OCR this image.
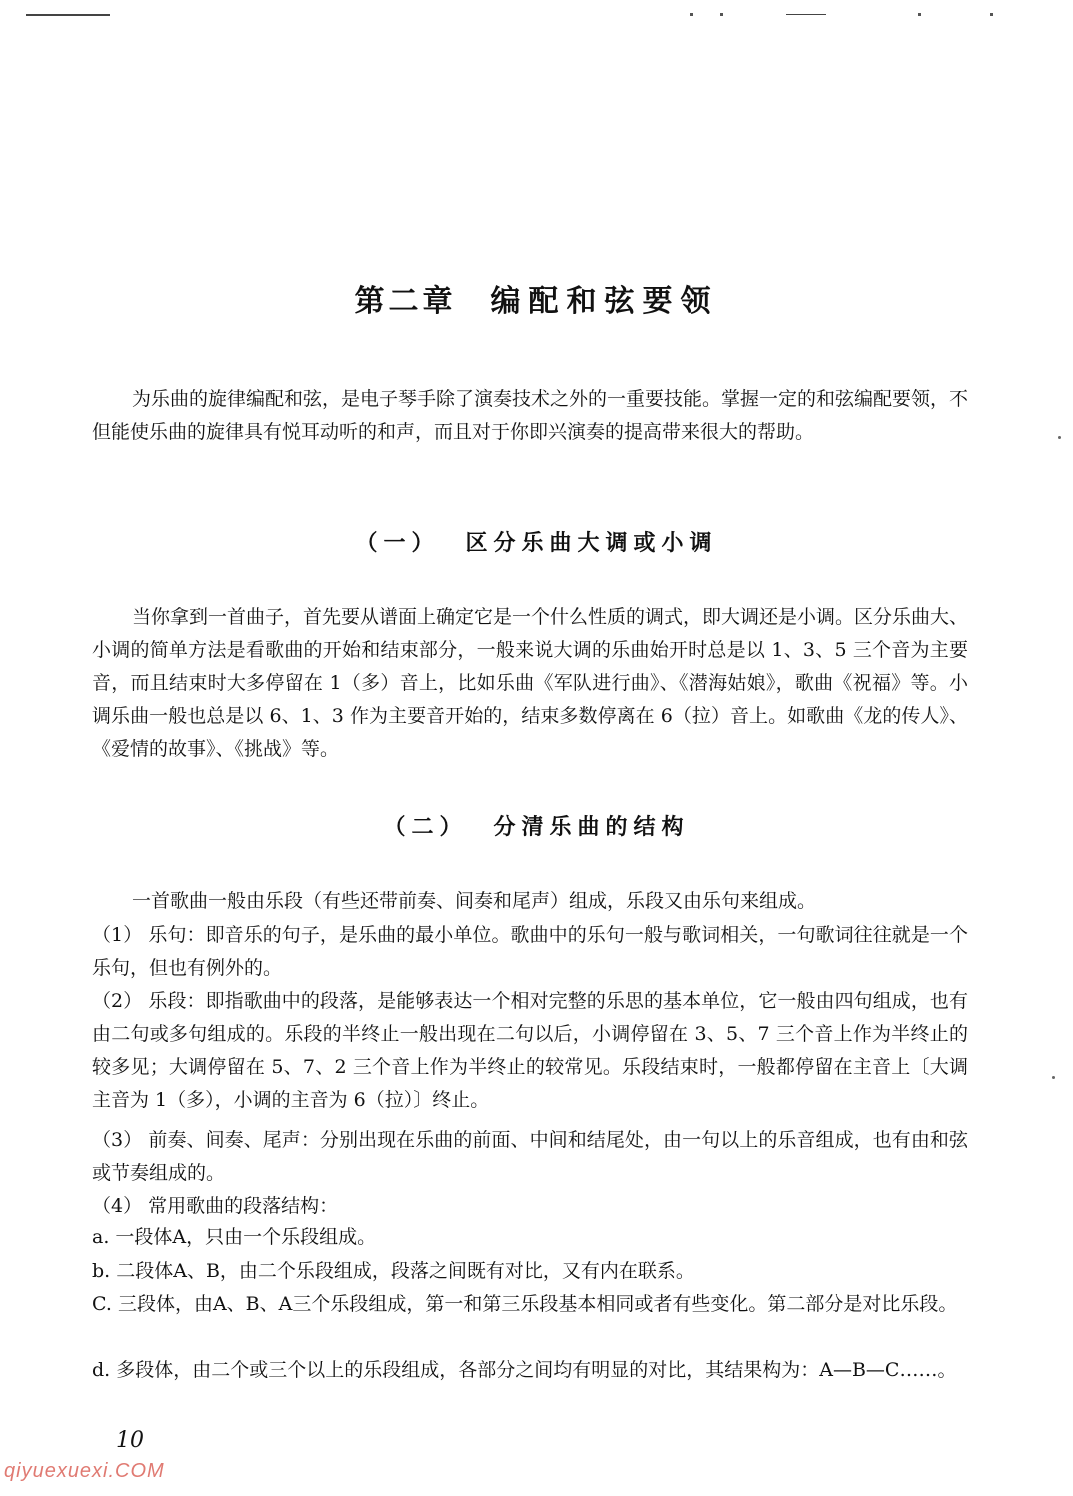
第二章 编配和弦要领

为乐曲的旋律编配和弦，是电子琴手除了演奏技术之外的一重要技能。掌握一定的和弦编配要领，不但能使乐曲的旋律具有悦耳动听的和声，而且对于你即兴演奏的提高带来很大的帮助。

（一） 区分乐曲大调或小调

当你拿到一首曲子，首先要从谱面上确定它是一个什么性质的调式，即大调还是小调。区分乐曲大、小调的简单方法是看歌曲的开始和结束部分，一般来说大调的乐曲始开时总是以 1、3、5 三个音为主要音，而且结束时大多停留在 1（多）音上，比如乐曲《军队进行曲》、《潜海姑娘》，歌曲《祝福》等。小调乐曲一般也总是以 6、1、3 作为主要音开始的，结束多数停离在 6（拉）音上。如歌曲《龙的传人》、《爱情的故事》、《挑战》等。

（二） 分清乐曲的结构

一首歌曲一般由乐段（有些还带前奏、间奏和尾声）组成，乐段又由乐句来组成。

（1） 乐句：即音乐的句子，是乐曲的最小单位。歌曲中的乐句一般与歌词相关，一句歌词往往就是一个乐句，但也有例外的。

（2） 乐段：即指歌曲中的段落，是能够表达一个相对完整的乐思的基本单位，它一般由四句组成，也有由二句或多句组成的。乐段的半终止一般出现在二句以后，小调停留在 3、5、7 三个音上作为半终止的较多见；大调停留在 5、7、2 三个音上作为半终止的较常见。乐段结束时，一般都停留在主音上〔大调主音为 1（多），小调的主音为 6（拉）〕终止。

（3） 前奏、间奏、尾声：分别出现在乐曲的前面、中间和结尾处，由一句以上的乐音组成，也有由和弦或节奏组成的。

（4） 常用歌曲的段落结构：

a. 一段体A，只由一个乐段组成。

b. 二段体A、B，由二个乐段组成，段落之间既有对比，又有内在联系。

C. 三段体，由A、B、A三个乐段组成，第一和第三乐段基本相同或者有些变化。第二部分是对比乐段。

d. 多段体，由二个或三个以上的乐段组成，各部分之间均有明显的对比，其结果构为：A—B—C……。

10
qiyuexuexi.COM
